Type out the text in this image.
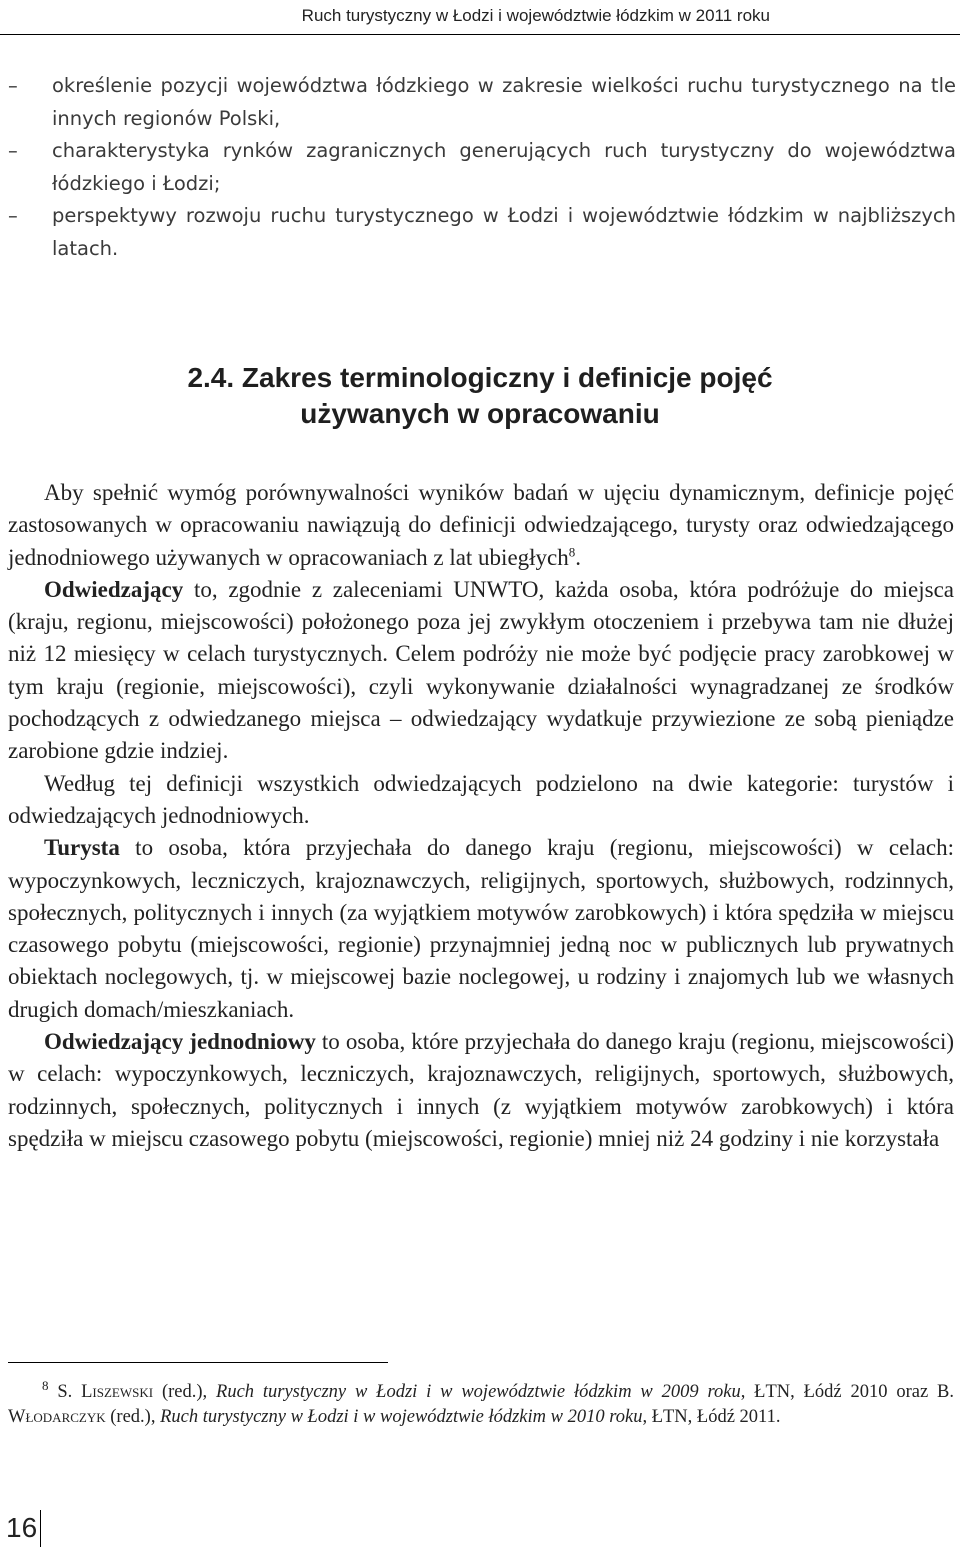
Ruch turystyczny w Łodzi i województwie łódzkim w 2011 roku
–	określenie pozycji województwa łódzkiego w zakresie wielkości ruchu turystycznego na tle innych regionów Polski,
–	charakterystyka rynków zagranicznych generujących ruch turystyczny do województwa łódzkiego i Łodzi;
–	perspektywy rozwoju ruchu turystycznego w Łodzi i województwie łódzkim w najbliższych latach.
2.4. Zakres terminologiczny i definicje pojęć
używanych w opracowaniu

Aby spełnić wymóg porównywalności wyników badań w ujęciu dynamicznym, definicje pojęć zastosowanych w opracowaniu nawiązują do definicji odwiedzającego, turysty oraz odwiedzającego jednodniowego używanych w opracowaniach z lat ubiegłych$^8$.

Odwiedzający to, zgodnie z zaleceniami UNWTO, każda osoba, która podróżuje do miejsca (kraju, regionu, miejscowości) położonego poza jej zwykłym otoczeniem i przebywa tam nie dłużej niż 12 miesięcy w celach turystycznych. Celem podróży nie może być podjęcie pracy zarobkowej w tym kraju (regionie, miejscowości), czyli wykonywanie działalności wynagradzanej ze środków pochodzących z odwiedzanego miejsca – odwiedzający wydatkuje przywiezione ze sobą pieniądze zarobione gdzie indziej.

Według tej definicji wszystkich odwiedzających podzielono na dwie kategorie: turystów i odwiedzających jednodniowych.

Turysta to osoba, która przyjechała do danego kraju (regionu, miejscowości) w celach: wypoczynkowych, leczniczych, krajoznawczych, religijnych, sportowych, służbowych, rodzinnych, społecznych, politycznych i innych (za wyjątkiem motywów zarobkowych) i która spędziła w miejscu czasowego pobytu (miejscowości, regionie) przynajmniej jedną noc w publicznych lub prywatnych obiektach noclegowych, tj. w miejscowej bazie noclegowej, u rodziny i znajomych lub we własnych drugich domach/mieszkaniach.

Odwiedzający jednodniowy to osoba, które przyjechała do danego kraju (regionu, miejscowości) w celach: wypoczynkowych, leczniczych, krajoznawczych, religijnych, sportowych, służbowych, rodzinnych, społecznych, politycznych i innych (z wyjątkiem motywów zarobkowych) i która spędziła w miejscu czasowego pobytu (miejscowości, regionie) mniej niż 24 godziny i nie korzystała

$^8$ S. Liszewski (red.), Ruch turystyczny w Łodzi i w województwie łódzkim w 2009 roku, ŁTN, Łódź 2010 oraz B. Włodarczyk (red.), Ruch turystyczny w Łodzi i w województwie łódzkim w 2010 roku, ŁTN, Łódź 2011.
16
